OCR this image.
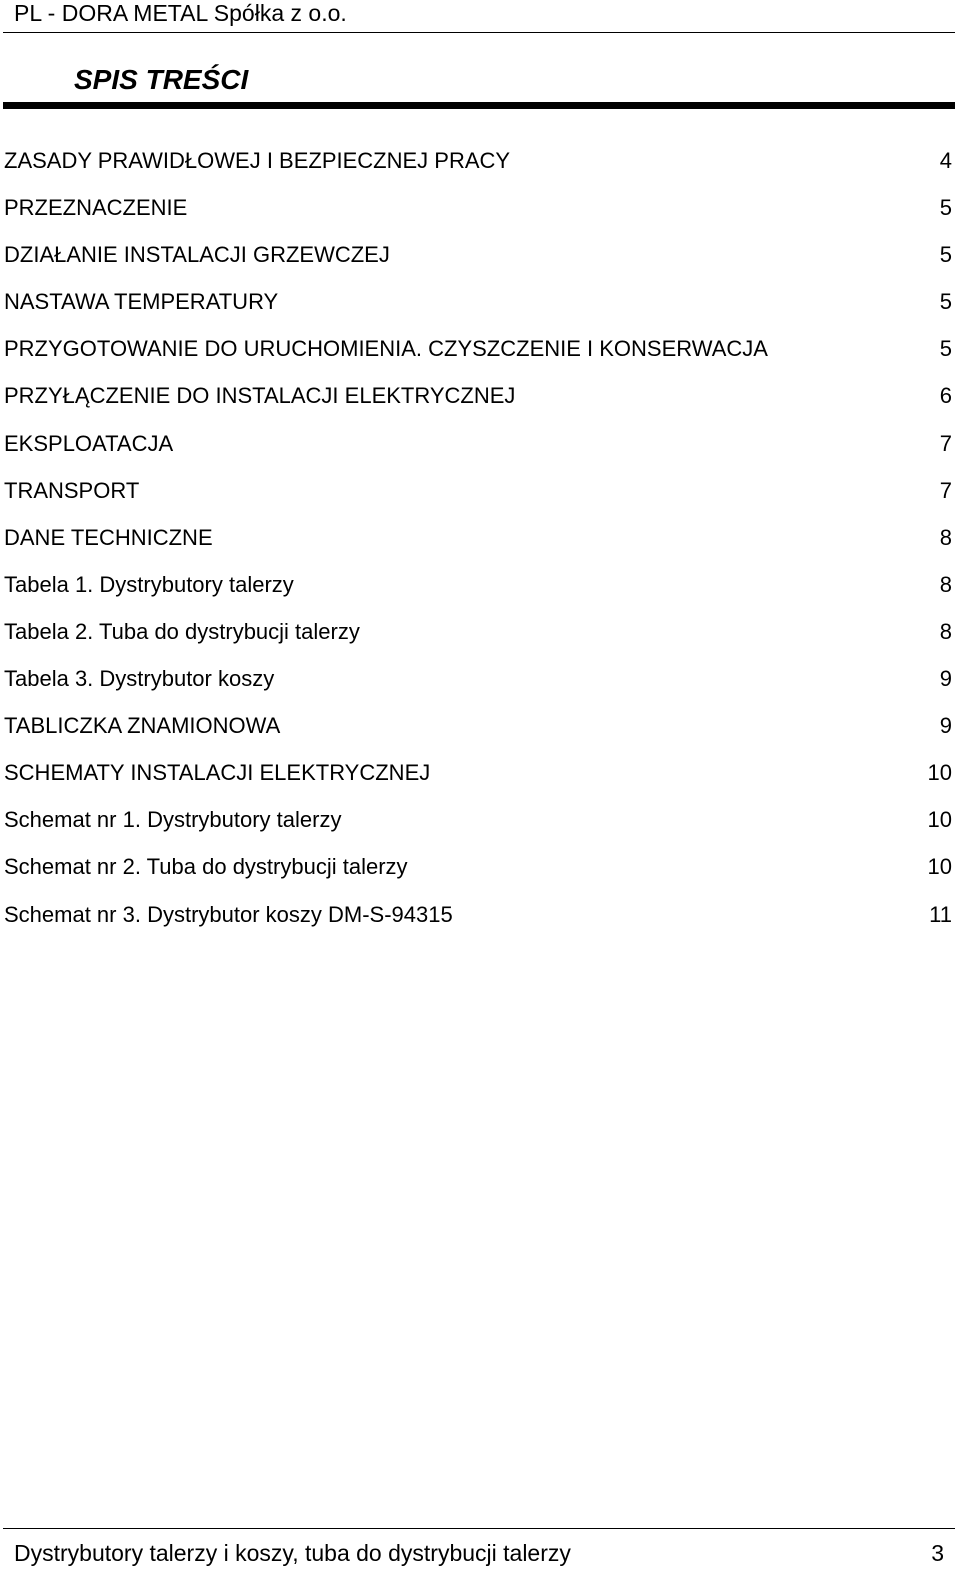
PL - DORA METAL Spółka z o.o.
SPIS TREŚCI
ZASADY PRAWIDŁOWEJ I BEZPIECZNEJ PRACY	4
PRZEZNACZENIE	5
DZIAŁANIE INSTALACJI GRZEWCZEJ	5
NASTAWA TEMPERATURY	5
PRZYGOTOWANIE DO URUCHOMIENIA. CZYSZCZENIE I KONSERWACJA	5
PRZYŁĄCZENIE DO INSTALACJI ELEKTRYCZNEJ	6
EKSPLOATACJA	7
TRANSPORT	7
DANE TECHNICZNE	8
Tabela 1. Dystrybutory talerzy	8
Tabela 2. Tuba do dystrybucji talerzy	8
Tabela 3. Dystrybutor koszy	9
TABLICZKA ZNAMIONOWA	9
SCHEMATY INSTALACJI ELEKTRYCZNEJ	10
Schemat nr 1. Dystrybutory talerzy	10
Schemat nr 2. Tuba do dystrybucji talerzy	10
Schemat nr 3. Dystrybutor koszy DM-S-94315	11
Dystrybutory talerzy i koszy, tuba do dystrybucji talerzy	3
